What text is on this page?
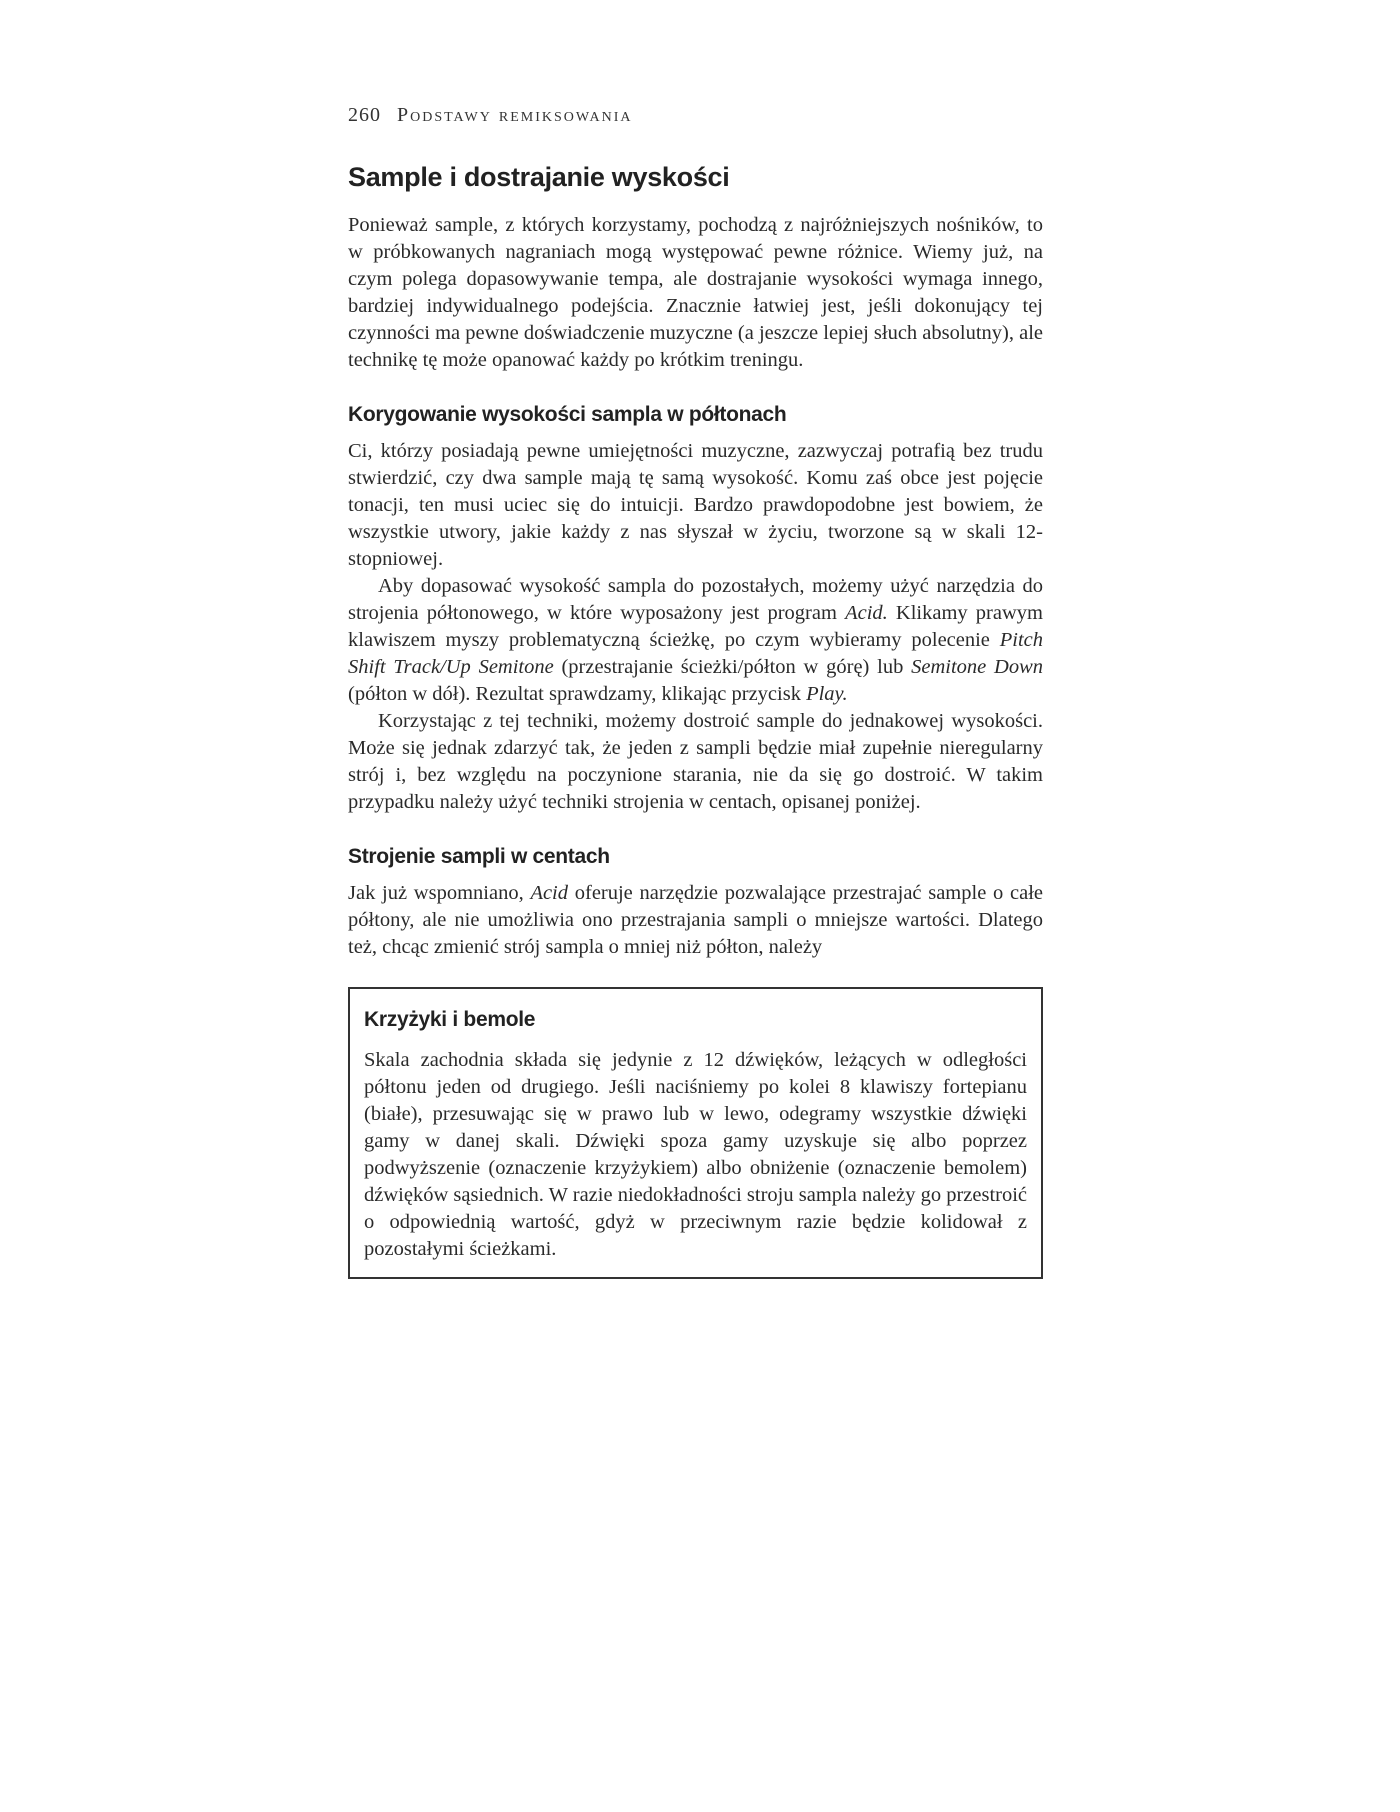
260 Podstawy remiksowania
Sample i dostrajanie wyskości

Ponieważ sample, z których korzystamy, pochodzą z najróżniejszych nośników, to w próbkowanych nagraniach mogą występować pewne różnice. Wiemy już, na czym polega dopasowywanie tempa, ale dostrajanie wysokości wymaga innego, bardziej indywidualnego podejścia. Znacznie łatwiej jest, jeśli dokonujący tej czynności ma pewne doświadczenie muzyczne (a jeszcze lepiej słuch absolutny), ale technikę tę może opanować każdy po krótkim treningu.

Korygowanie wysokości sampla w półtonach

Ci, którzy posiadają pewne umiejętności muzyczne, zazwyczaj potrafią bez trudu stwierdzić, czy dwa sample mają tę samą wysokość. Komu zaś obce jest pojęcie tonacji, ten musi uciec się do intuicji. Bardzo prawdopodobne jest bowiem, że wszystkie utwory, jakie każdy z nas słyszał w życiu, tworzone są w skali 12-stopniowej.

Aby dopasować wysokość sampla do pozostałych, możemy użyć narzędzia do strojenia półtonowego, w które wyposażony jest program Acid. Klikamy prawym klawiszem myszy problematyczną ścieżkę, po czym wybieramy polecenie Pitch Shift Track/Up Semitone (przestrajanie ścieżki/półton w górę) lub Semitone Down (półton w dół). Rezultat sprawdzamy, klikając przycisk Play.

Korzystając z tej techniki, możemy dostroić sample do jednakowej wysokości. Może się jednak zdarzyć tak, że jeden z sampli będzie miał zupełnie nieregularny strój i, bez względu na poczynione starania, nie da się go dostroić. W takim przypadku należy użyć techniki strojenia w centach, opisanej poniżej.

Strojenie sampli w centach

Jak już wspomniano, Acid oferuje narzędzie pozwalające przestrajać sample o całe półtony, ale nie umożliwia ono przestrajania sampli o mniejsze wartości. Dlatego też, chcąc zmienić strój sampla o mniej niż półton, należy

Krzyżyki i bemole

Skala zachodnia składa się jedynie z 12 dźwięków, leżących w odległości półtonu jeden od drugiego. Jeśli naciśniemy po kolei 8 klawiszy fortepianu (białe), przesuwając się w prawo lub w lewo, odegramy wszystkie dźwięki gamy w danej skali. Dźwięki spoza gamy uzyskuje się albo poprzez podwyższenie (oznaczenie krzyżykiem) albo obniżenie (oznaczenie bemolem) dźwięków sąsiednich. W razie niedokładności stroju sampla należy go przestroić o odpowiednią wartość, gdyż w przeciwnym razie będzie kolidował z pozostałymi ścieżkami.
